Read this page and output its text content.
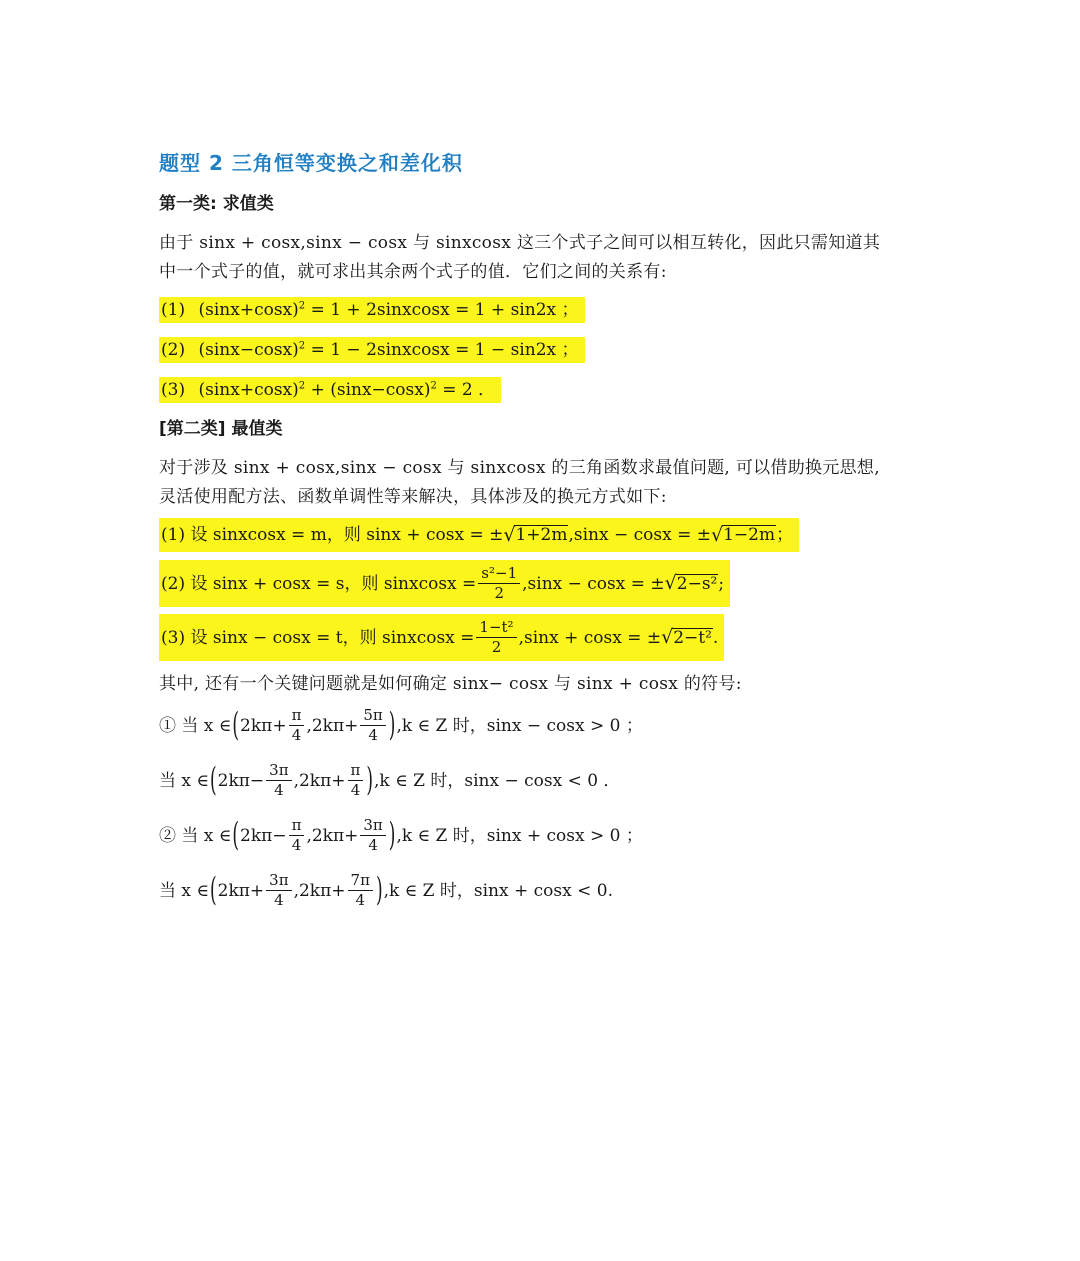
题型 2 三角恒等变换之和差化积
第一类: 求值类
由于 sinx + cosx,sinx − cosx 与 sinxcosx 这三个式子之间可以相互转化，因此只需知道其
中一个式子的值，就可求出其余两个式子的值．它们之间的关系有:
(1) $(\sin x+\cos x)^2 = 1$ + 2sinxcosx = 1 + sin2x ；
(2) $(\sin x-\cos x)^2 = 1$ − 2sinxcosx = 1 − sin2x ；
(3) $(\sin x+\cos x)^2 + (\sin x-\cos x)^2 = 2$ ．
[第二类] 最值类
对于涉及 sinx + cosx,sinx − cosx 与 sinxcosx 的三角函数求最值问题, 可以借助换元思想,
灵活使用配方法、函数单调性等来解决，具体涉及的换元方式如下:
(1) 设 sinxcosx = m，则 sinx + cosx = ± √ 1+2m ,sinx − cosx = ± √ 1−2m ；
(2) 设 sinx + cosx = s，则 sinxcosx = $\frac{\text{s²−1}}{2} ,\sin x - \cos x$ = ± √ 2−s² ;
(3) 设 sinx − cosx = t，则 sinxcosx = $\frac{\text{1−t²}}{2} ,\sin x + \cos x$ = ± √ 2−t² .
其中, 还有一个关键问题就是如何确定 sinx− cosx 与 sinx + cosx 的符号:
① 当 x ∈ ( $2k\pi+ \frac{\pi}{4} ,2k\pi+ \frac{5\pi}{4}$ ) ,k ∈ Z 时，sinx − cosx > 0 ；
当 x ∈ ( $2k\pi- \frac{3\pi}{4} ,2k\pi+ \frac{\pi}{4}$ ) ,k ∈ Z 时，sinx − cosx < 0 ．
② 当 x ∈ ( $2k\pi- \frac{\pi}{4} ,2k\pi+ \frac{3\pi}{4}$ ) ,k ∈ Z 时，sinx + cosx > 0 ；
当 x ∈ ( $2k\pi+ \frac{3\pi}{4} ,2k\pi+ \frac{7\pi}{4}$ ) ,k ∈ Z 时，sinx + cosx < 0.
